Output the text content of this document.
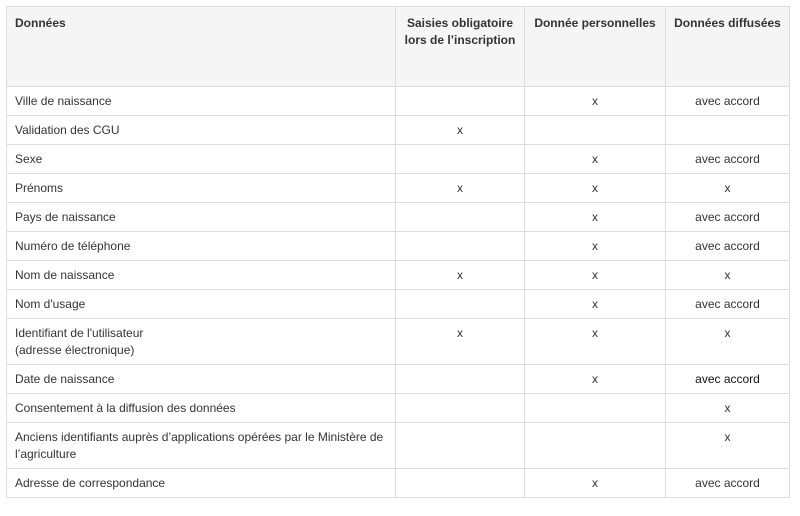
Données	Saisies obligatoire lors de l’inscription	Donnée personnelles	Données diffusées
Ville de naissance		x	avec accord
Validation des CGU	x		
Sexe		x	avec accord
Prénoms	x	x	x
Pays de naissance		x	avec accord
Numéro de téléphone		x	avec accord
Nom de naissance	x	x	x
Nom d'usage		x	avec accord
Identifiant de l'utilisateur
(adresse électronique)	x	x	x
Date de naissance		x	avec accord
Consentement à la diffusion des données			x
Anciens identifiants auprès d’applications opérées par le Ministère de l’agriculture			x
Adresse de correspondance		x	avec accord
